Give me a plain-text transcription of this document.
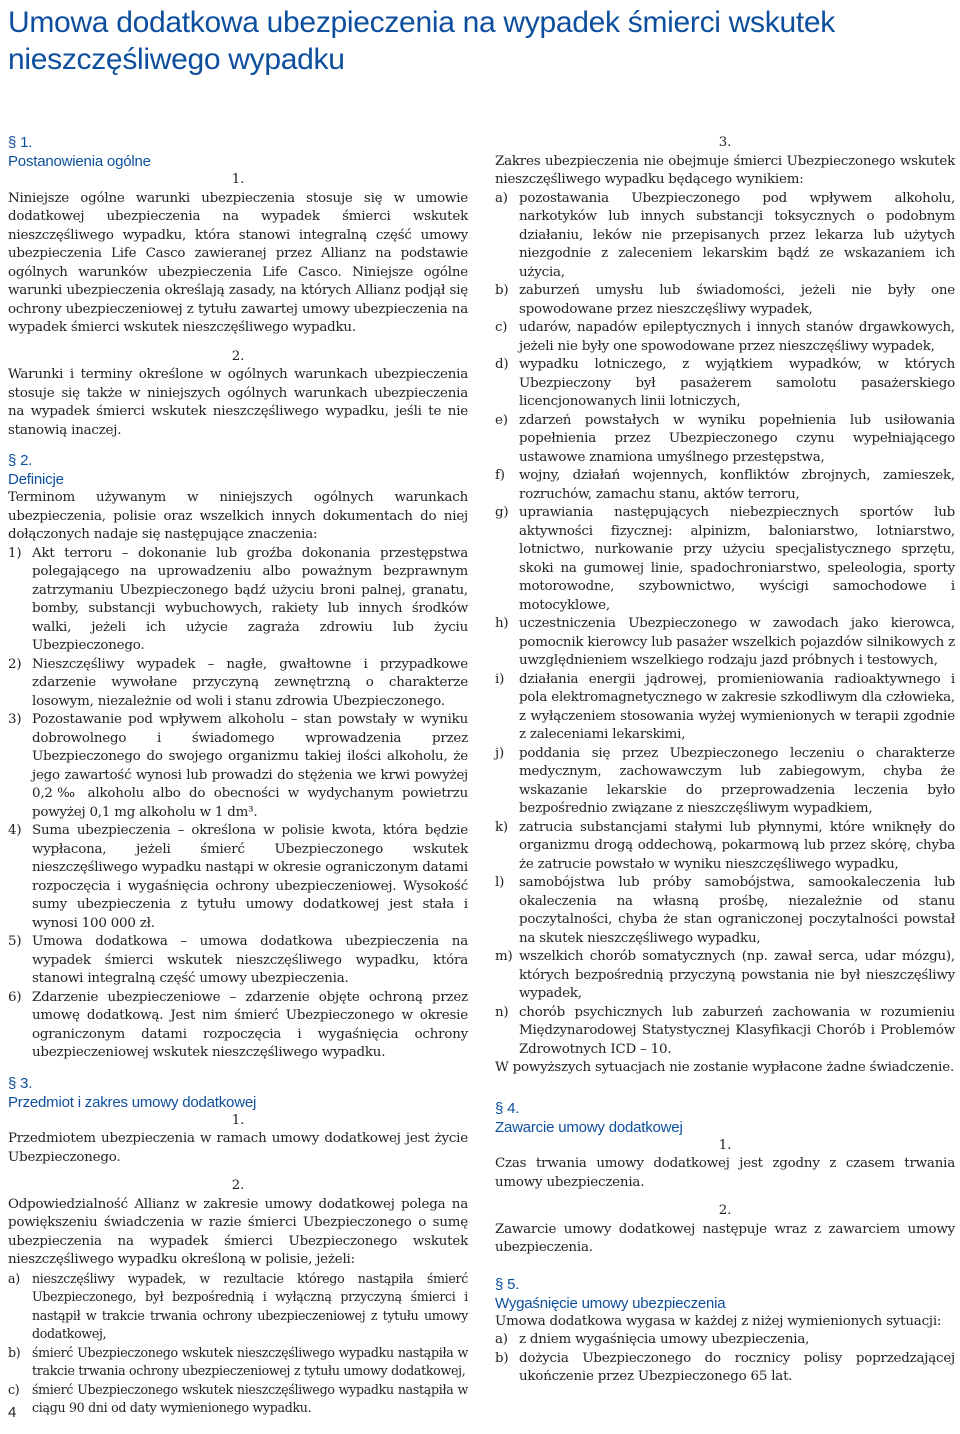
Umowa dodatkowa ubezpieczenia na wypadek śmierci wskutek nieszczęśliwego wypadku
§ 1.
Postanowienia ogólne
1.

Niniejsze ogólne warunki ubezpieczenia stosuje się w umowie dodatkowej ubezpieczenia na wypadek śmierci wskutek nieszczęśliwego wypadku, która stanowi integralną część umowy ubezpieczenia Life Casco zawieranej przez Allianz na podstawie ogólnych warunków ubezpieczenia Life Casco. Niniejsze ogólne warunki ubezpieczenia określają zasady, na których Allianz podjął się ochrony ubezpieczeniowej z tytułu zawartej umowy ubezpieczenia na wypadek śmierci wskutek nieszczęśliwego wypadku.

2.

Warunki i terminy określone w ogólnych warunkach ubezpieczenia stosuje się także w niniejszych ogólnych warunkach ubezpieczenia na wypadek śmierci wskutek nieszczęśliwego wypadku, jeśli te nie stanowią inaczej.

§ 2.
Definicje

Terminom używanym w niniejszych ogólnych warunkach ubezpieczenia, polisie oraz wszelkich innych dokumentach do niej dołączonych nadaje się następujące znaczenia:

1) Akt terroru – dokonanie lub groźba dokonania przestępstwa polegającego na uprowadzeniu albo poważnym bezprawnym zatrzymaniu Ubezpieczonego bądź użyciu broni palnej, granatu, bomby, substancji wybuchowych, rakiety lub innych środków walki, jeżeli ich użycie zagraża zdrowiu lub życiu Ubezpieczonego.
2) Nieszczęśliwy wypadek – nagłe, gwałtowne i przypadkowe zdarzenie wywołane przyczyną zewnętrzną o charakterze losowym, niezależnie od woli i stanu zdrowia Ubezpieczonego.
3) Pozostawanie pod wpływem alkoholu – stan powstały w wyniku dobrowolnego i świadomego wprowadzenia przez Ubezpieczonego do swojego organizmu takiej ilości alkoholu, że jego zawartość wynosi lub prowadzi do stężenia we krwi powyżej 0,2‰ alkoholu albo do obecności w wydychanym powietrzu powyżej 0,1 mg alkoholu w 1 dm³.
4) Suma ubezpieczenia – określona w polisie kwota, która będzie wypłacona, jeżeli śmierć Ubezpieczonego wskutek nieszczęśliwego wypadku nastąpi w okresie ograniczonym datami rozpoczęcia i wygaśnięcia ochrony ubezpieczeniowej. Wysokość sumy ubezpieczenia z tytułu umowy dodatkowej jest stała i wynosi 100 000 zł.
5) Umowa dodatkowa – umowa dodatkowa ubezpieczenia na wypadek śmierci wskutek nieszczęśliwego wypadku, która stanowi integralną część umowy ubezpieczenia.
6) Zdarzenie ubezpieczeniowe – zdarzenie objęte ochroną przez umowę dodatkową. Jest nim śmierć Ubezpieczonego w okresie ograniczonym datami rozpoczęcia i wygaśnięcia ochrony ubezpieczeniowej wskutek nieszczęśliwego wypadku.
§ 3.
Przedmiot i zakres umowy dodatkowej
1.

Przedmiotem ubezpieczenia w ramach umowy dodatkowej jest życie Ubezpieczonego.

2.

Odpowiedzialność Allianz w zakresie umowy dodatkowej polega na powiększeniu świadczenia w razie śmierci Ubezpieczonego o sumę ubezpieczenia na wypadek śmierci Ubezpieczonego wskutek nieszczęśliwego wypadku określoną w polisie, jeżeli:

a) nieszczęśliwy wypadek, w rezultacie którego nastąpiła śmierć Ubezpieczonego, był bezpośrednią i wyłączną przyczyną śmierci i nastąpił w trakcie trwania ochrony ubezpieczeniowej z tytułu umowy dodatkowej,
b) śmierć Ubezpieczonego wskutek nieszczęśliwego wypadku nastąpiła w trakcie trwania ochrony ubezpieczeniowej z tytułu umowy dodatkowej,
c)	śmierć Ubezpieczonego wskutek nieszczęśliwego wypadku nastąpiła w ciągu 90 dni od daty wymienionego wypadku.
3.

Zakres ubezpieczenia nie obejmuje śmierci Ubezpieczonego wskutek nieszczęśliwego wypadku będącego wynikiem:

a) pozostawania Ubezpieczonego pod wpływem alkoholu, narkotyków lub innych substancji toksycznych o podobnym działaniu, leków nie przepisanych przez lekarza lub użytych niezgodnie z zaleceniem lekarskim bądź ze wskazaniem ich użycia,
b) zaburzeń umysłu lub świadomości, jeżeli nie były one spowodowane przez nieszczęśliwy wypadek,
c) udarów, napadów epileptycznych i innych stanów drgawkowych, jeżeli nie były one spowodowane przez nieszczęśliwy wypadek,
d) wypadku lotniczego, z wyjątkiem wypadków, w których Ubezpieczony był pasażerem samolotu pasażerskiego licencjonowanych linii lotniczych,
e) zdarzeń powstałych w wyniku popełnienia lub usiłowania popełnienia przez Ubezpieczonego czynu wypełniającego ustawowe znamiona umyślnego przestępstwa,
f)	wojny, działań wojennych, konfliktów zbrojnych, zamieszek, rozruchów, zamachu stanu, aktów terroru,
g) uprawiania następujących niebezpiecznych sportów lub aktywności fizycznej: alpinizm, baloniarstwo, lotniarstwo, lotnictwo, nurkowanie przy użyciu specjalistycznego sprzętu, skoki na gumowej linie, spadochroniarstwo, speleologia, sporty motorowodne, szybownictwo, wyścigi samochodowe i motocyklowe,
h) uczestniczenia Ubezpieczonego w zawodach jako kierowca, pomocnik kierowcy lub pasażer wszelkich pojazdów silnikowych z uwzględnieniem wszelkiego rodzaju jazd próbnych i testowych,
i)	działania energii jądrowej, promieniowania radioaktywnego i pola elektromagnetycznego w zakresie szkodliwym dla człowieka, z wyłączeniem stosowania wyżej wymienionych w terapii zgodnie z zaleceniami lekarskimi,
j)	poddania się przez Ubezpieczonego leczeniu o charakterze medycznym, zachowawczym lub zabiegowym, chyba że wskazanie lekarskie do przeprowadzenia leczenia było bezpośrednio związane z nieszczęśliwym wypadkiem,
k) zatrucia substancjami stałymi lub płynnymi, które wniknęły do organizmu drogą oddechową, pokarmową lub przez skórę, chyba że zatrucie powstało w wyniku nieszczęśliwego wypadku,
l)	samobójstwa lub próby samobójstwa, samookaleczenia lub okaleczenia na własną prośbę, niezależnie od stanu poczytalności, chyba że stan ograniczonej poczytalności powstał na skutek nieszczęśliwego wypadku,
m) wszelkich chorób somatycznych (np. zawał serca, udar mózgu), których bezpośrednią przyczyną powstania nie był nieszczęśliwy wypadek,
n) chorób psychicznych lub zaburzeń zachowania w rozumieniu Międzynarodowej Statystycznej Klasyfikacji Chorób i Problemów Zdrowotnych ICD – 10.

W powyższych sytuacjach nie zostanie wypłacone żadne świadczenie.

§ 4.
Zawarcie umowy dodatkowej
1.

Czas trwania umowy dodatkowej jest zgodny z czasem trwania umowy ubezpieczenia.

2.

Zawarcie umowy dodatkowej następuje wraz z zawarciem umowy ubezpieczenia.

§ 5.
Wygaśnięcie umowy ubezpieczenia

Umowa dodatkowa wygasa w każdej z niżej wymienionych sytuacji:

a) z dniem wygaśnięcia umowy ubezpieczenia,
b) dożycia Ubezpieczonego do rocznicy polisy poprzedzającej ukończenie przez Ubezpieczonego 65 lat.
4
